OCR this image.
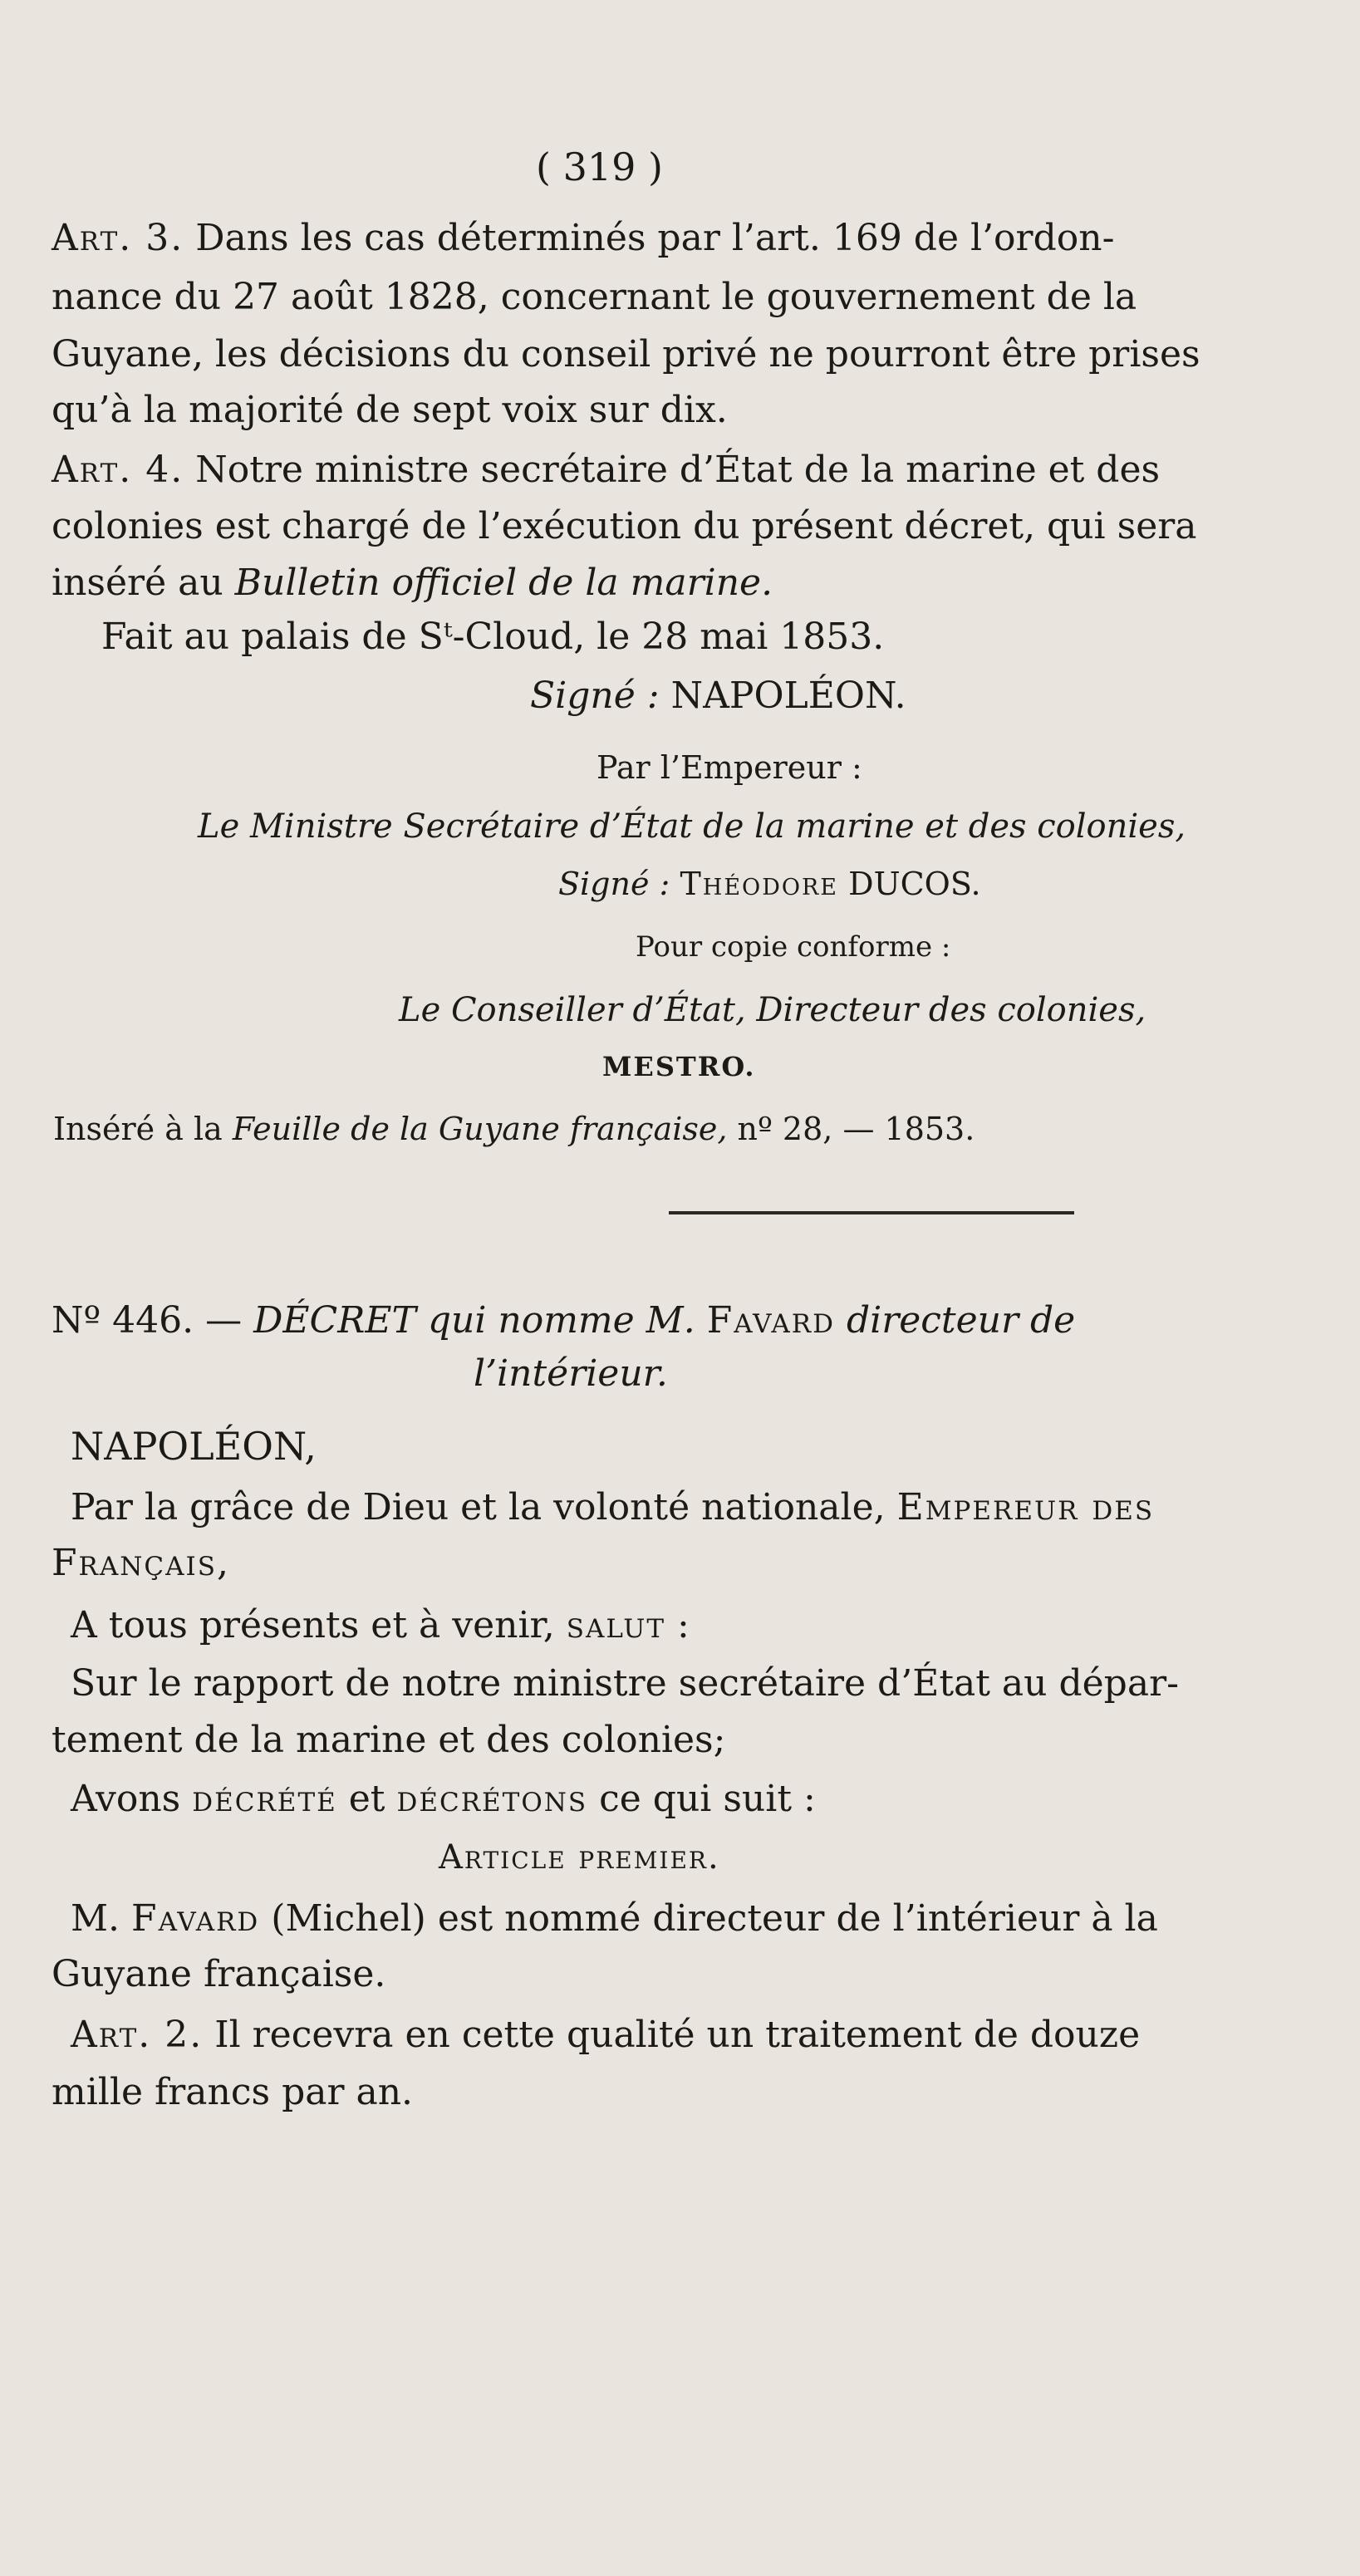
( 319 )
Art. 3. Dans les cas déterminés par l’art. 169 de l’ordon-
nance du 27 août 1828, concernant le gouvernement de la
Guyane, les décisions du conseil privé ne pourront être prises
qu’à la majorité de sept voix sur dix.
Art. 4. Notre ministre secrétaire d’État de la marine et des
colonies est chargé de l’exécution du présent décret, qui sera
inséré au Bulletin officiel de la marine.
Fait au palais de Sᵗ-Cloud, le 28 mai 1853.
Signé : NAPOLÉON.
Par l’Empereur :
Le Ministre Secrétaire d’État de la marine et des colonies,
Signé : Théodore DUCOS.
Pour copie conforme :
Le Conseiller d’État, Directeur des colonies,
MESTRO.
Inséré à la Feuille de la Guyane française, nº 28, — 1853.
Nº 446. — DÉCRET qui nomme M. Favard directeur de
l’intérieur.
NAPOLÉON,
Par la grâce de Dieu et la volonté nationale, Empereur des
Français,
A tous présents et à venir, salut :
Sur le rapport de notre ministre secrétaire d’État au dépar-
tement de la marine et des colonies;
Avons décrété et décrétons ce qui suit :
Article premier.
M. Favard (Michel) est nommé directeur de l’intérieur à la
Guyane française.
Art. 2. Il recevra en cette qualité un traitement de douze
mille francs par an.
